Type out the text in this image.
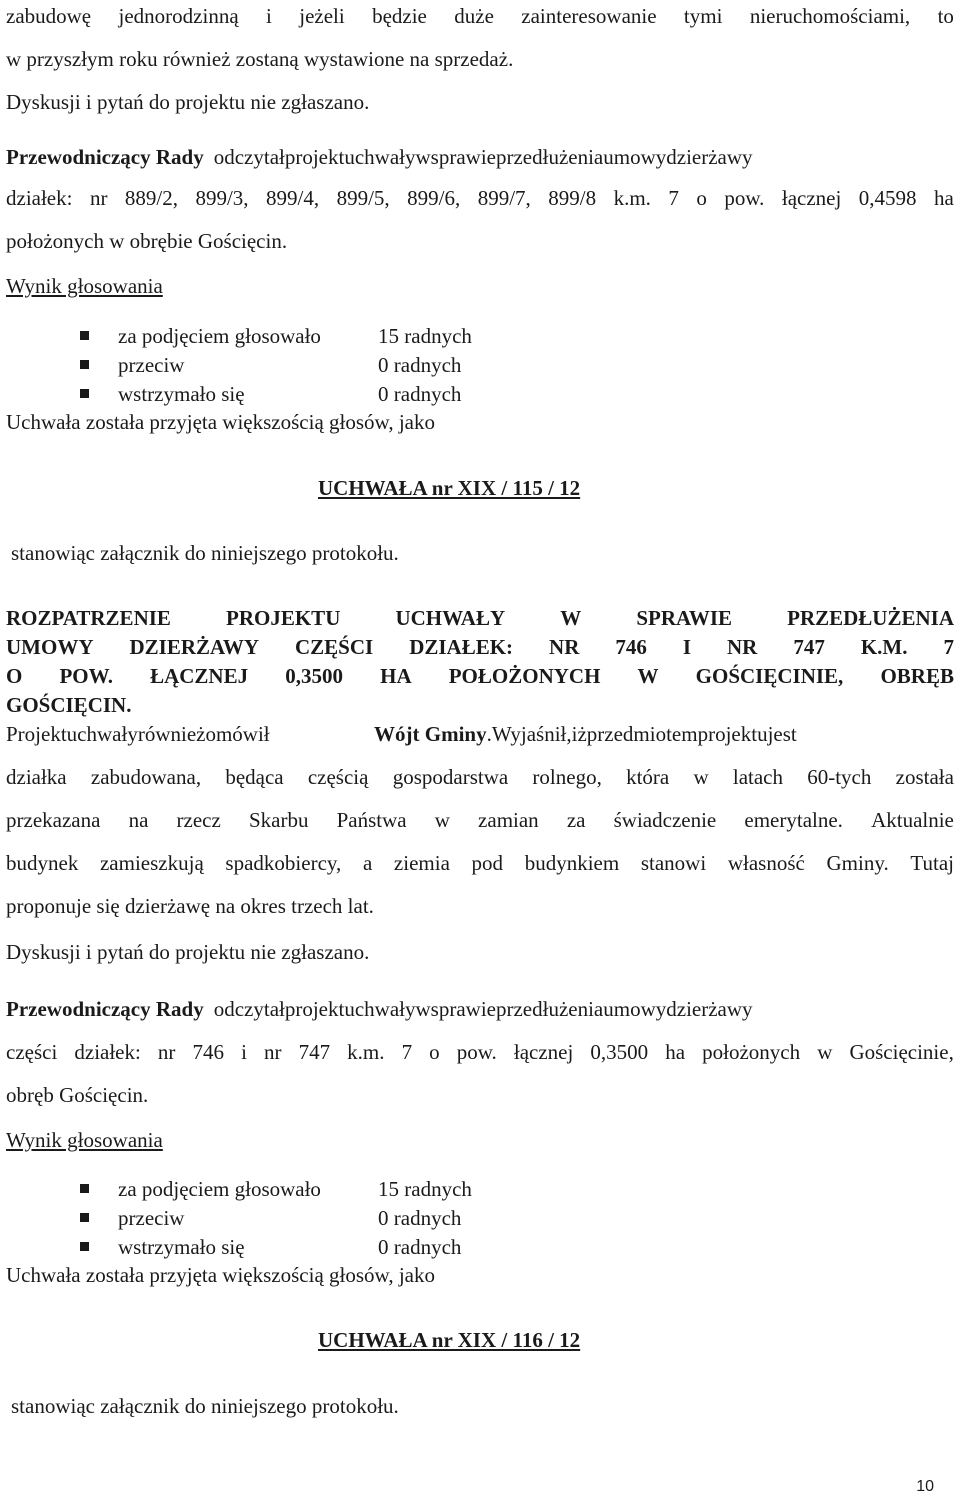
zabudowę jednorodzinną i jeżeli będzie duże zainteresowanie tymi nieruchomościami, to
w przyszłym roku również zostaną wystawione na sprzedaż.
Dyskusji i pytań do projektu nie zgłaszano.
Przewodniczący Rady odczytałprojektuchwaływsprawieprzedłużeniaumowydzierżawy
działek: nr 889/2, 899/3, 899/4, 899/5, 899/6, 899/7, 899/8 k.m. 7 o pow. łącznej 0,4598 ha
położonych w obrębie Gościęcin.
Wynik głosowania
za podjęciem głosowało	15 radnych
przeciw	0 radnych
wstrzymało się	0 radnych
Uchwała została przyjęta większością głosów, jako
UCHWAŁA nr XIX / 115 / 12
stanowiąc załącznik do niniejszego protokołu.
ROZPATRZENIE	PROJEKTU	UCHWAŁY	W	SPRAWIE	PRZEDŁUŻENIA
UMOWY DZIERŻAWY CZĘŚCI DZIAŁEK: NR 746 I NR 747 K.M. 7
O POW. ŁĄCZNEJ 0,3500 HA POŁOŻONYCH W GOŚCIĘCINIE, OBRĘB
GOŚCIĘCIN.
Projektuchwałyrównieżomówił	Wójt Gminy .Wyjaśnił,iżprzedmiotemprojektujest
działka zabudowana, będąca częścią gospodarstwa rolnego, która w latach 60-tych została
przekazana na rzecz Skarbu Państwa w zamian za świadczenie emerytalne. Aktualnie
budynek zamieszkują spadkobiercy, a ziemia pod budynkiem stanowi własność Gminy. Tutaj
proponuje się dzierżawę na okres trzech lat.
Dyskusji i pytań do projektu nie zgłaszano.
Przewodniczący Rady odczytałprojektuchwaływsprawieprzedłużeniaumowydzierżawy
części działek: nr 746 i nr 747 k.m. 7 o pow. łącznej 0,3500 ha położonych w Gościęcinie,
obręb Gościęcin.
Wynik głosowania
za podjęciem głosowało	15 radnych
przeciw	0 radnych
wstrzymało się	0 radnych
Uchwała została przyjęta większością głosów, jako
UCHWAŁA nr XIX / 116 / 12
stanowiąc załącznik do niniejszego protokołu.
10
